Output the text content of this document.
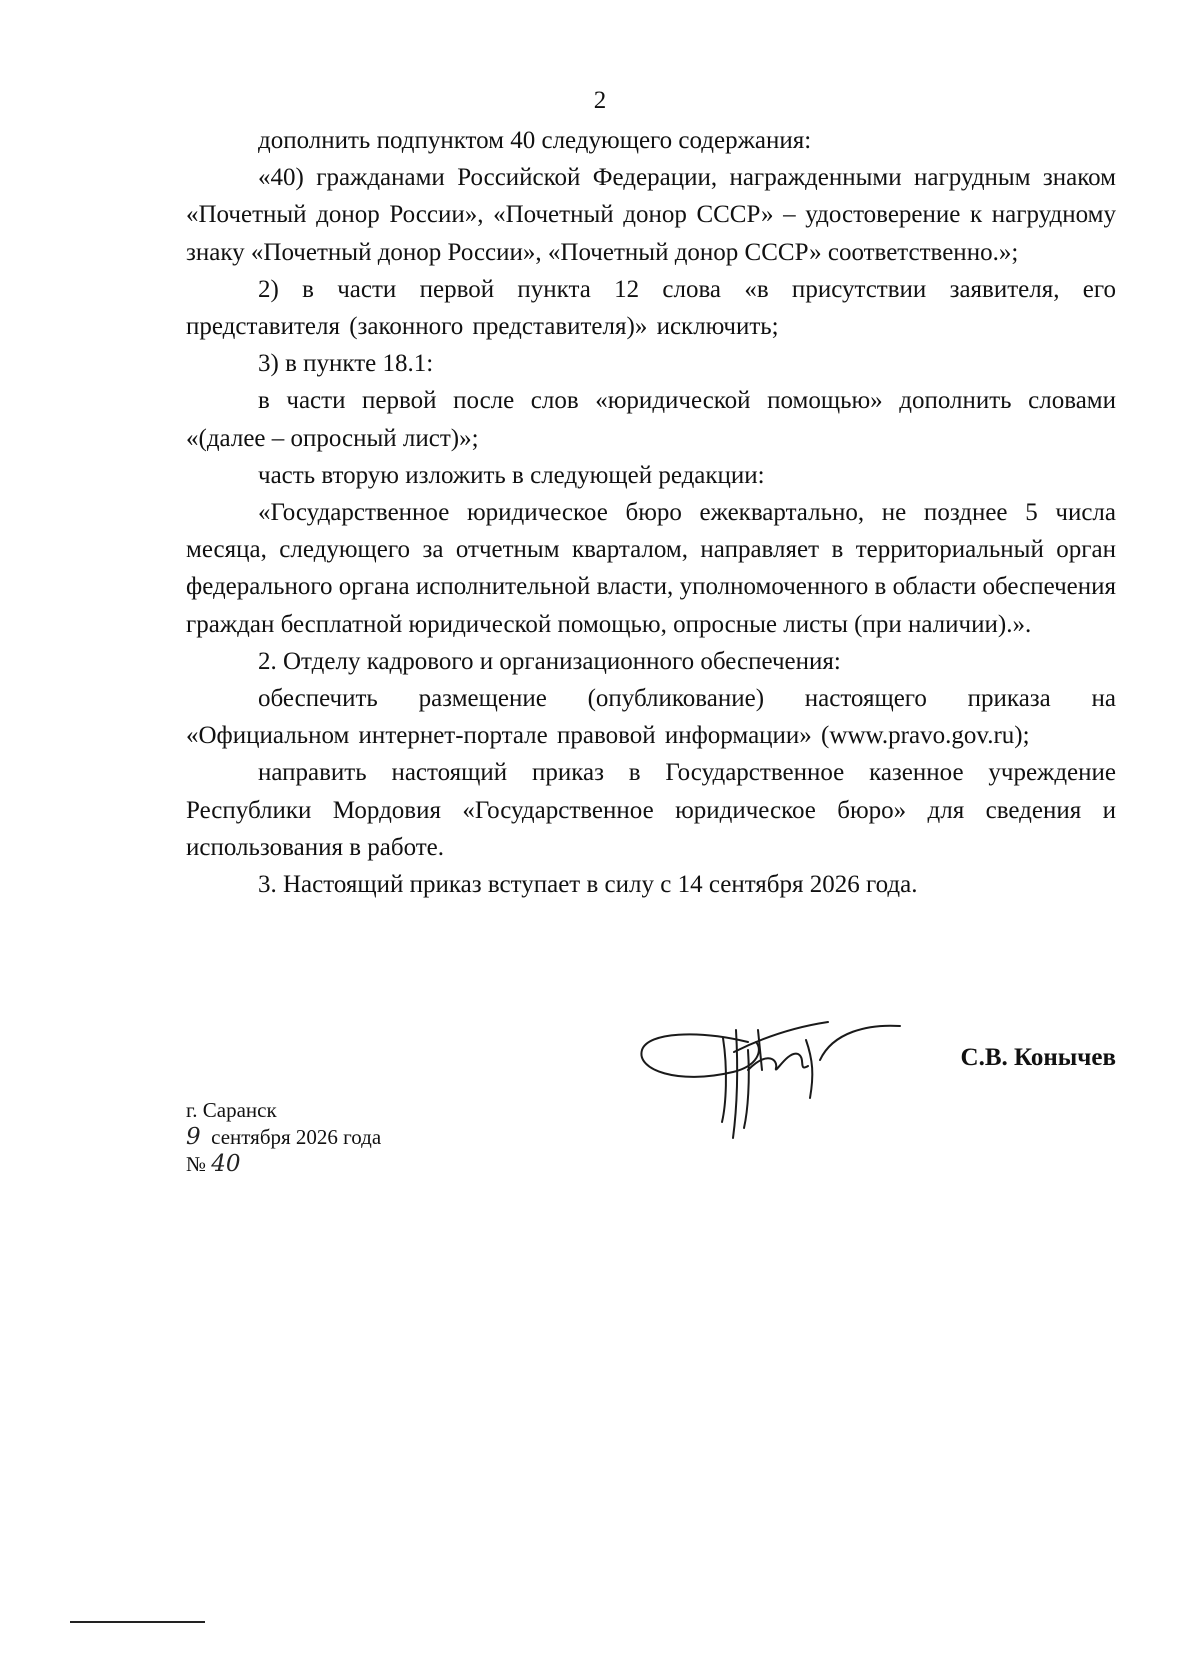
2

дополнить подпунктом 40 следующего содержания:

«40) гражданами Российской Федерации, награжденными нагрудным знаком «Почетный донор России», «Почетный донор СССР» – удостоверение к нагрудному знаку «Почетный донор России», «Почетный донор СССР» соответственно.»;

2) в части первой пункта 12 слова «в присутствии заявителя, его представителя (законного представителя)» исключить;

3) в пункте 18.1:

в части первой после слов «юридической помощью» дополнить словами «(далее – опросный лист)»;

часть вторую изложить в следующей редакции:

«Государственное юридическое бюро ежеквартально, не позднее 5 числа месяца, следующего за отчетным кварталом, направляет в территориальный орган федерального органа исполнительной власти, уполномоченного в области обеспечения граждан бесплатной юридической помощью, опросные листы (при наличии).».

2. Отделу кадрового и организационного обеспечения:

обеспечить размещение (опубликование) настоящего приказа на «Официальном интернет-портале правовой информации» (www.pravo.gov.ru);

направить настоящий приказ в Государственное казенное учреждение Республики Мордовия «Государственное юридическое бюро» для сведения и использования в работе.

3. Настоящий приказ вступает в силу с 14 сентября 2026 года.

С.В. Конычев
г. Саранск
9 сентября 2026 года
№ 40
